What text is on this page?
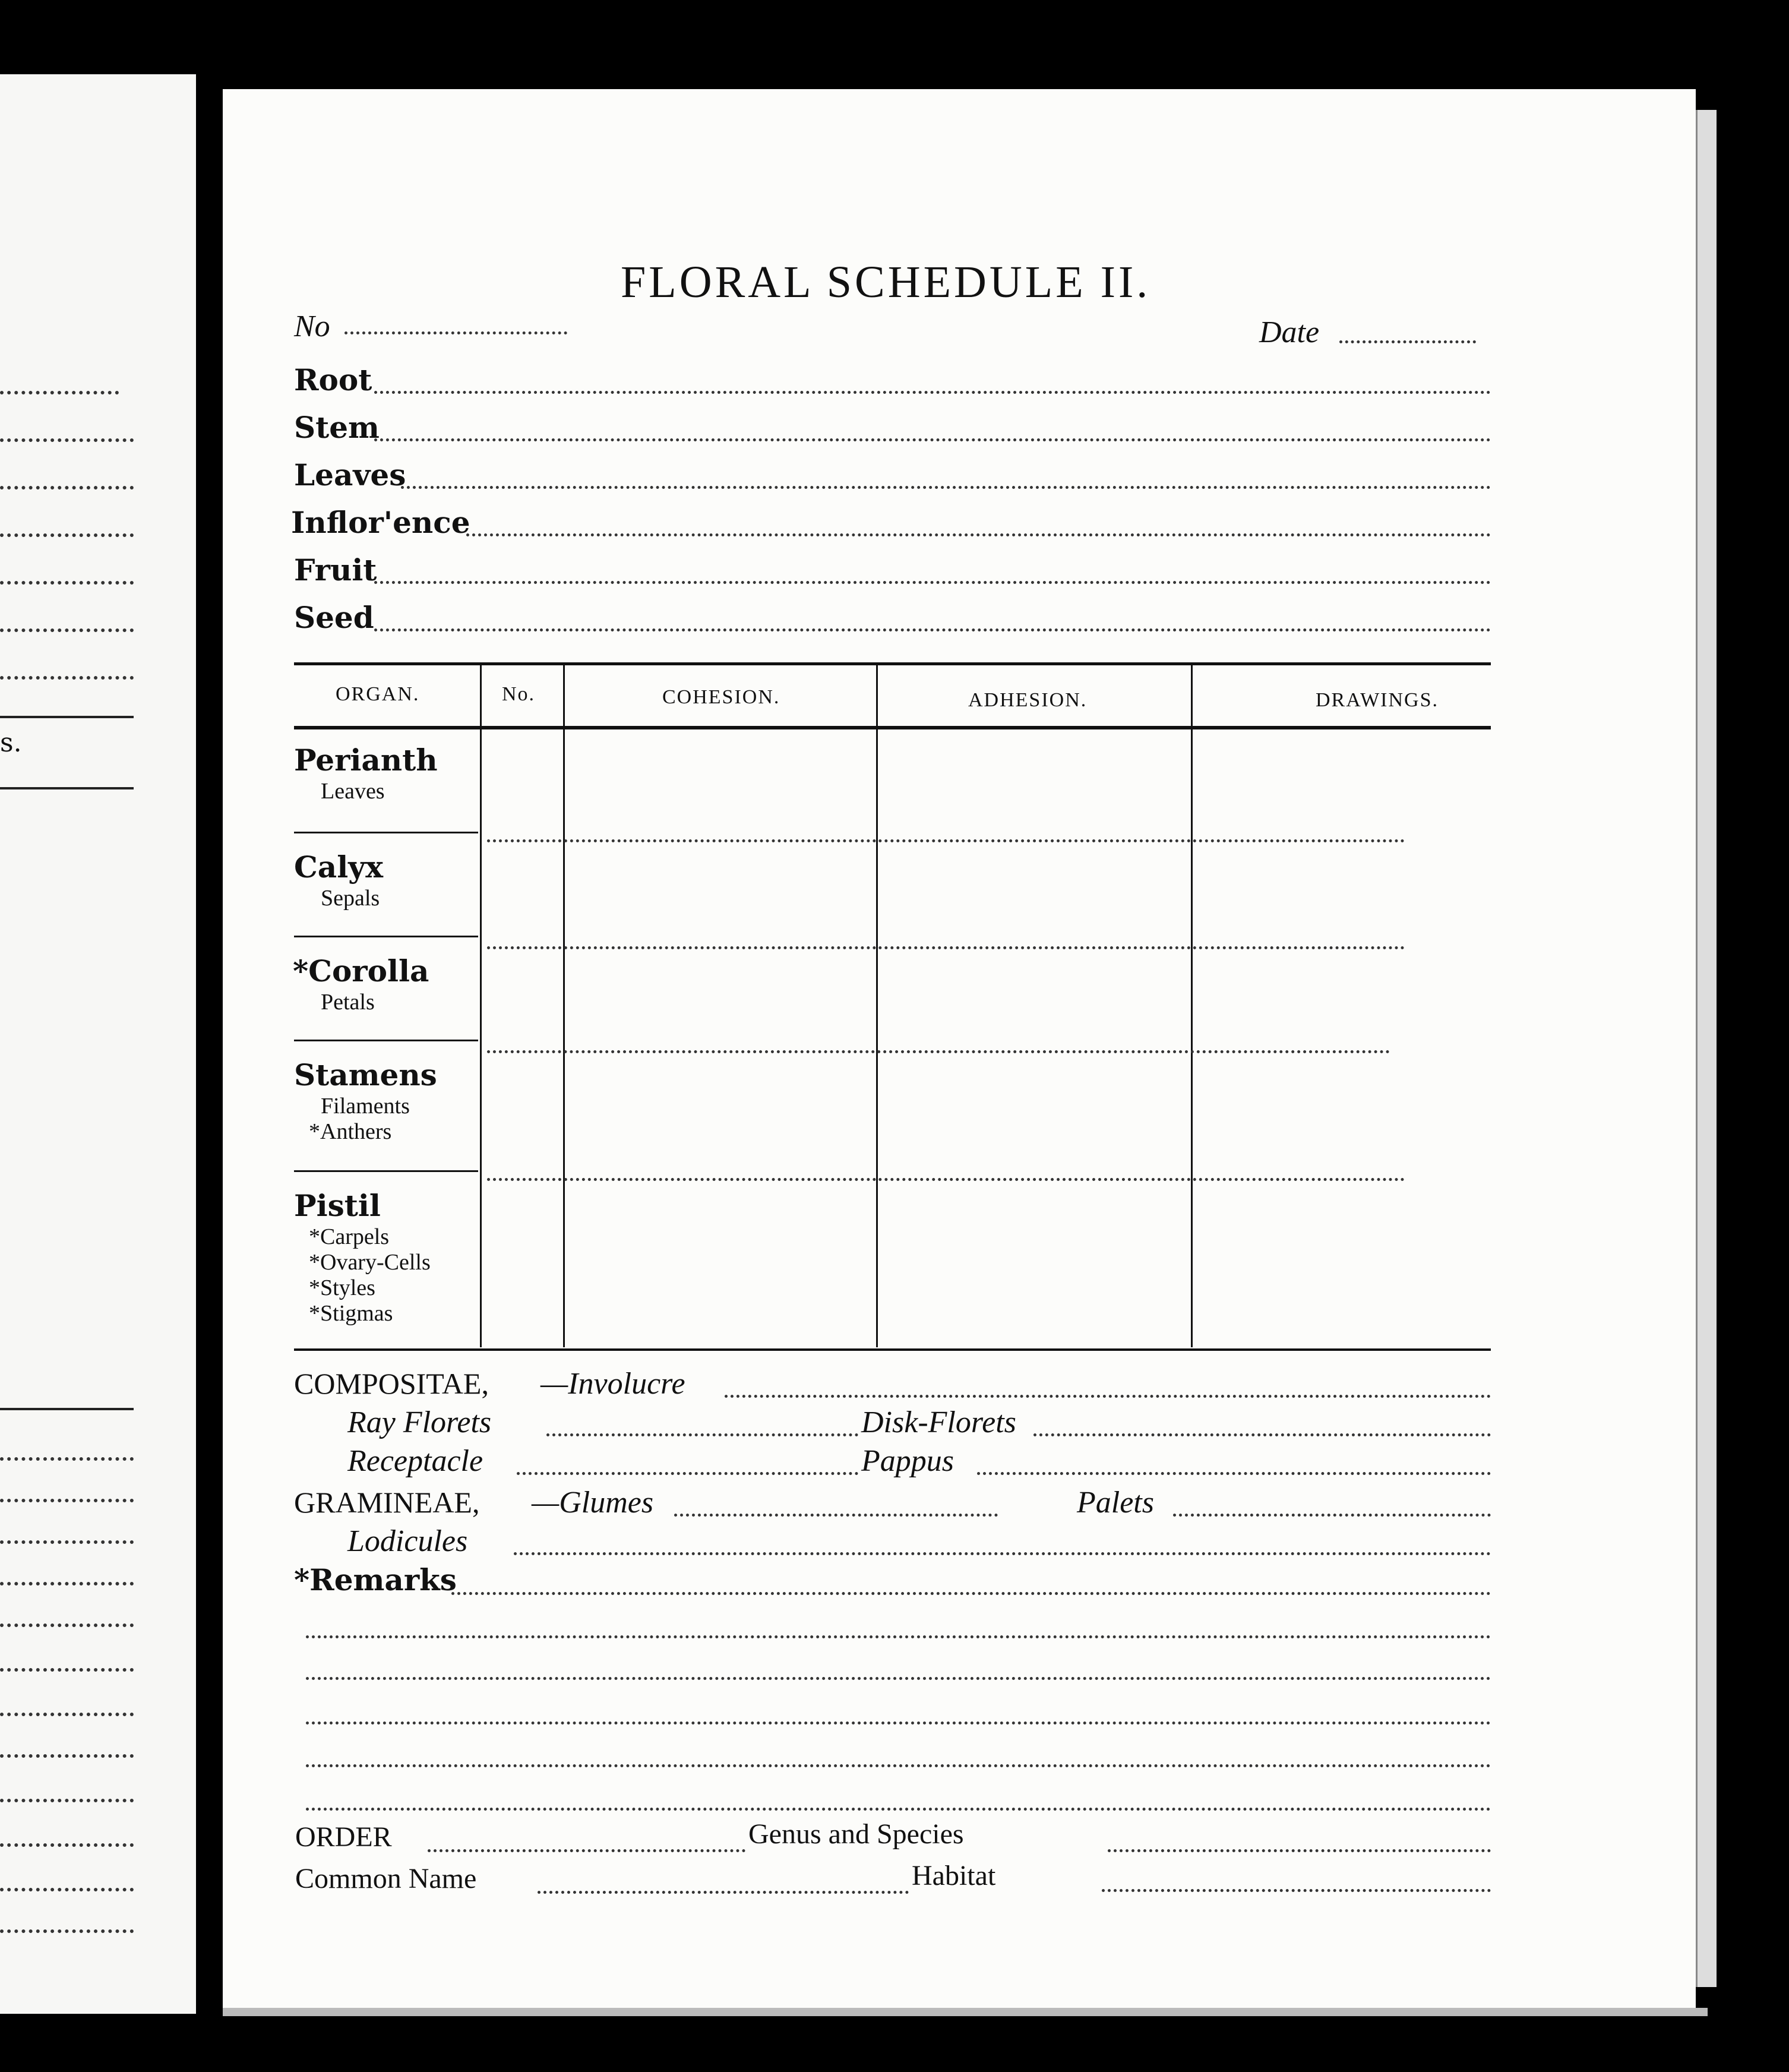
s.
FLORAL SCHEDULE II.
No	Date
Root
Stem
Leaves
Inflor'ence
Fruit
Seed
ORGAN.	No.	COHESION.	ADHESION.	DRAWINGS.
Perianth
Leaves
Calyx
Sepals
*Corolla
Petals
Stamens
Filaments
*Anthers
Pistil
*Carpels
*Ovary-Cells
*Styles
*Stigmas
COMPOSITAE, —Involucre
Ray Florets	Disk-Florets
Receptacle	Pappus
GRAMINEAE, —Glumes	Palets
Lodicules
*Remarks
ORDER	Genus and Species
Common Name	Habitat
